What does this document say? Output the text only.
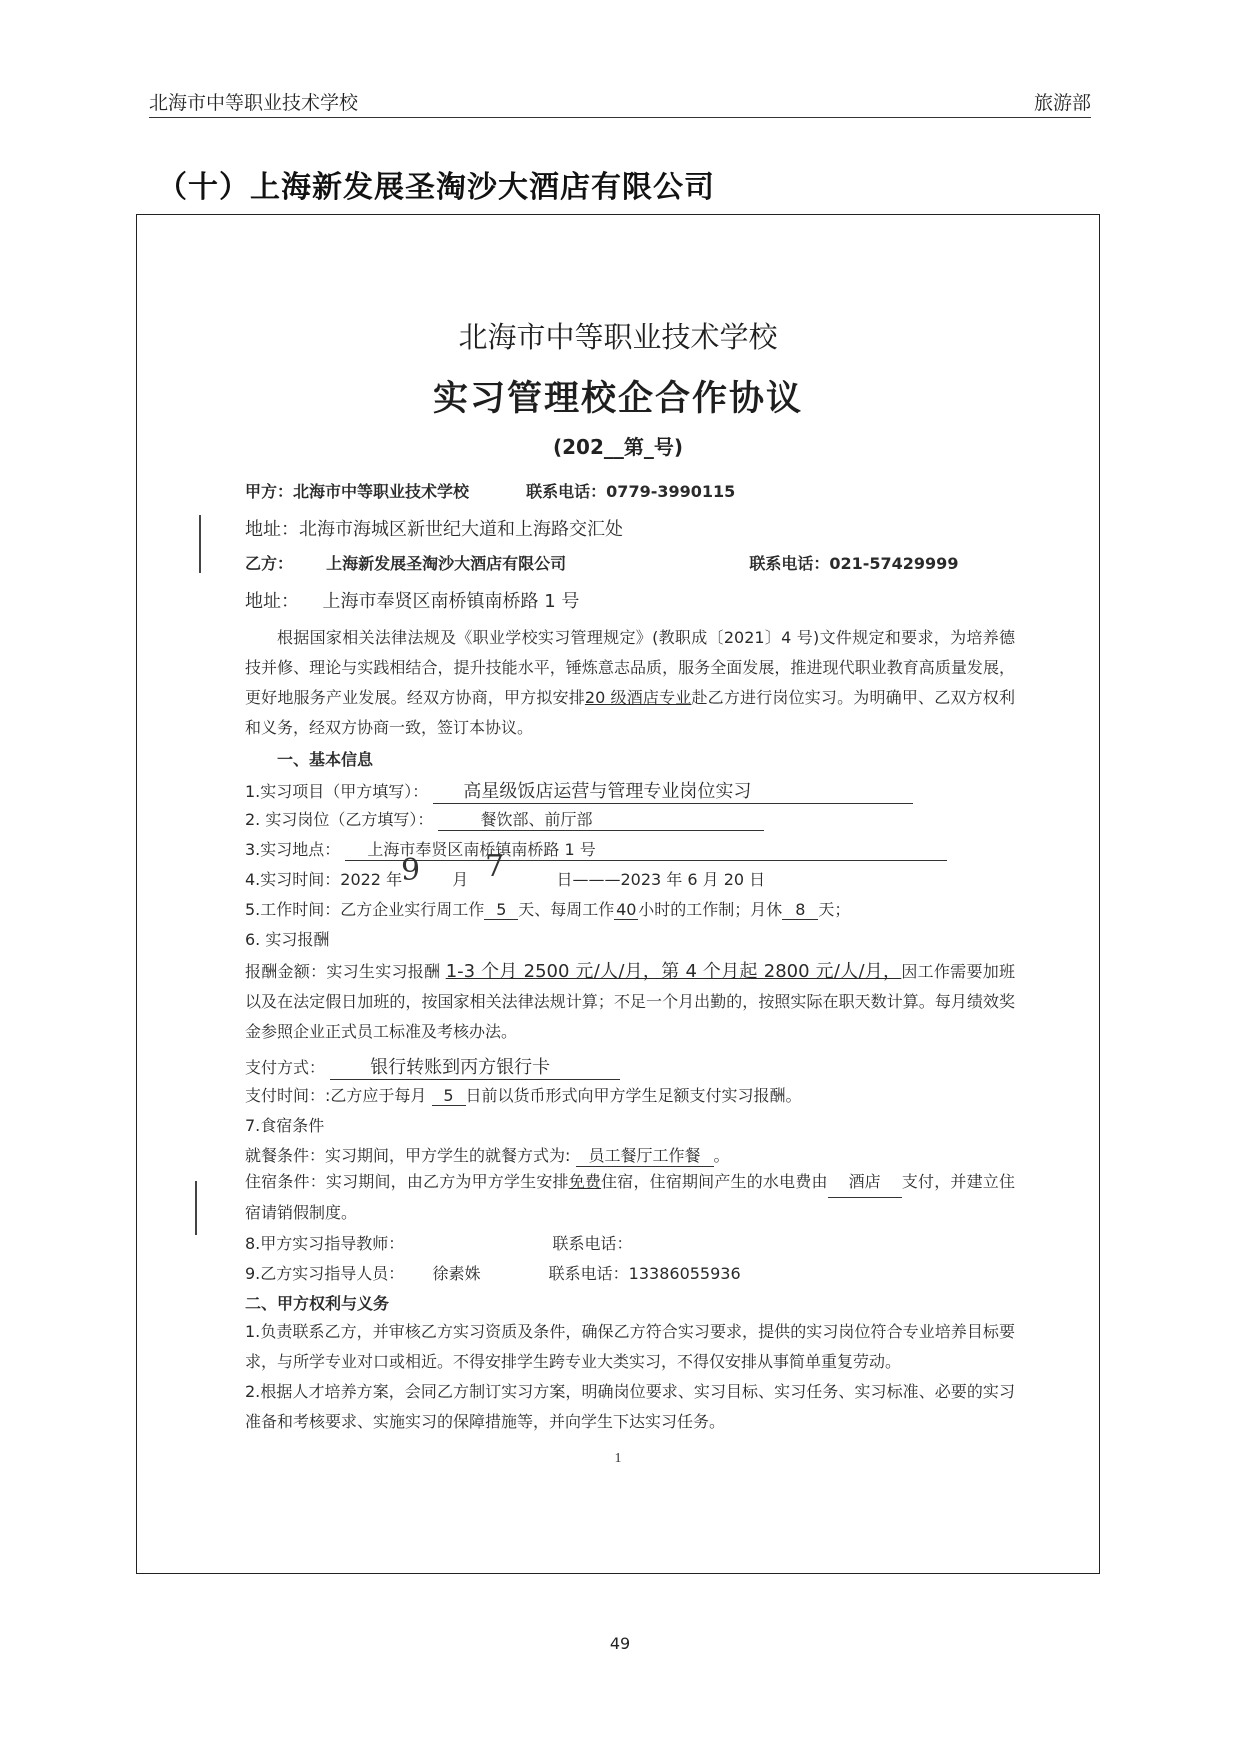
北海市中等职业技术学校	旅游部
（十）上海新发展圣淘沙大酒店有限公司
北海市中等职业技术学校
实习管理校企合作协议
(202__第_号)
甲方：北海市中等职业技术学校	联系电话：0779-3990115
地址：北海市海城区新世纪大道和上海路交汇处
乙方： 上海新发展圣淘沙大酒店有限公司	联系电话：021-57429999
地址： 上海市奉贤区南桥镇南桥路 1 号
根据国家相关法律法规及《职业学校实习管理规定》(教职成〔2021〕4 号)文件规定和要求，为培养德技并修、理论与实践相结合，提升技能水平，锤炼意志品质，服务全面发展，推进现代职业教育高质量发展，更好地服务产业发展。经双方协商，甲方拟安排20 级酒店专业赴乙方进行岗位实习。为明确甲、乙双方权利和义务，经双方协商一致，签订本协议。
一、基本信息
1.实习项目（甲方填写）： 高星级饭店运营与管理专业岗位实习
2. 实习岗位（乙方填写）：	餐饮部、前厅部
3.实习地点： 上海市奉贤区南桥镇南桥路 1 号
4.实习时间：2022 年	月	日———2023 年 6 月 20 日
9 7
5.工作时间：乙方企业实行周工作 5 天、每周工作 40 小时的工作制；月休 8 天；
6. 实习报酬
报酬金额：实习生实习报酬 1-3 个月 2500 元/人/月，第 4 个月起 2800 元/人/月，因工作需要加班以及在法定假日加班的，按国家相关法律法规计算；不足一个月出勤的，按照实际在职天数计算。每月绩效奖金参照企业正式员工标准及考核办法。
支付方式：	银行转账到丙方银行卡
支付时间：:乙方应于每月 5 日前以货币形式向甲方学生足额支付实习报酬。
7.食宿条件
就餐条件：实习期间，甲方学生的就餐方式为: 员工餐厅工作餐 。
住宿条件：实习期间，由乙方为甲方学生安排免费住宿，住宿期间产生的水电费由 酒店 支付，并建立住宿请销假制度。
8.甲方实习指导教师：	联系电话：
9.乙方实习指导人员： 徐素姝	联系电话：13386055936
二、甲方权利与义务
1.负责联系乙方，并审核乙方实习资质及条件，确保乙方符合实习要求，提供的实习岗位符合专业培养目标要求，与所学专业对口或相近。不得安排学生跨专业大类实习，不得仅安排从事简单重复劳动。
2.根据人才培养方案，会同乙方制订实习方案，明确岗位要求、实习目标、实习任务、实习标准、必要的实习准备和考核要求、实施实习的保障措施等，并向学生下达实习任务。
1
49
